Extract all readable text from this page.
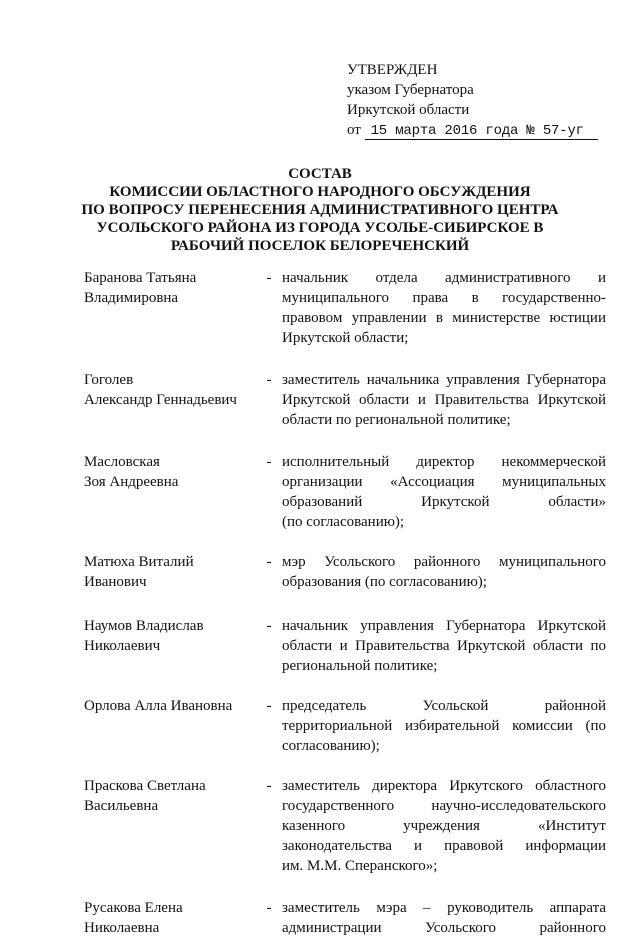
УТВЕРЖДЕН
указом Губернатора
Иркутской области
от 15 марта 2016 года № 57-уг
СОСТАВ
КОМИССИИ ОБЛАСТНОГО НАРОДНОГО ОБСУЖДЕНИЯ
ПО ВОПРОСУ ПЕРЕНЕСЕНИЯ АДМИНИСТРАТИВНОГО ЦЕНТРА
УСОЛЬСКОГО РАЙОНА ИЗ ГОРОДА УСОЛЬЕ-СИБИРСКОЕ В
РАБОЧИЙ ПОСЕЛОК БЕЛОРЕЧЕНСКИЙ
Баранова Татьяна
Владимировна
- начальник отдела административного и
муниципального права в государственно-
правовом управлении в министерстве юстиции
Иркутской области;
Гоголев
Александр Геннадьевич
- заместитель начальника управления Губернатора
Иркутской области и Правительства Иркутской
области по региональной политике;
Масловская
Зоя Андреевна
- исполнительный директор некоммерческой
организации «Ассоциация муниципальных
образований Иркутской области»
(по согласованию);
Матюха Виталий
Иванович
- мэр Усольского районного муниципального
образования (по согласованию);
Наумов Владислав
Николаевич
- начальник управления Губернатора Иркутской
области и Правительства Иркутской области по
региональной политике;
Орлова Алла Ивановна	- председатель Усольской районной
территориальной избирательной комиссии (по
согласованию);
Праскова Светлана
Васильевна
- заместитель директора Иркутского областного
государственного научно-исследовательского
казенного учреждения «Институт
законодательства и правовой информации
им. М.М. Сперанского»;
Русакова Елена
Николаевна
- заместитель мэра – руководитель аппарата
администрации Усольского районного
